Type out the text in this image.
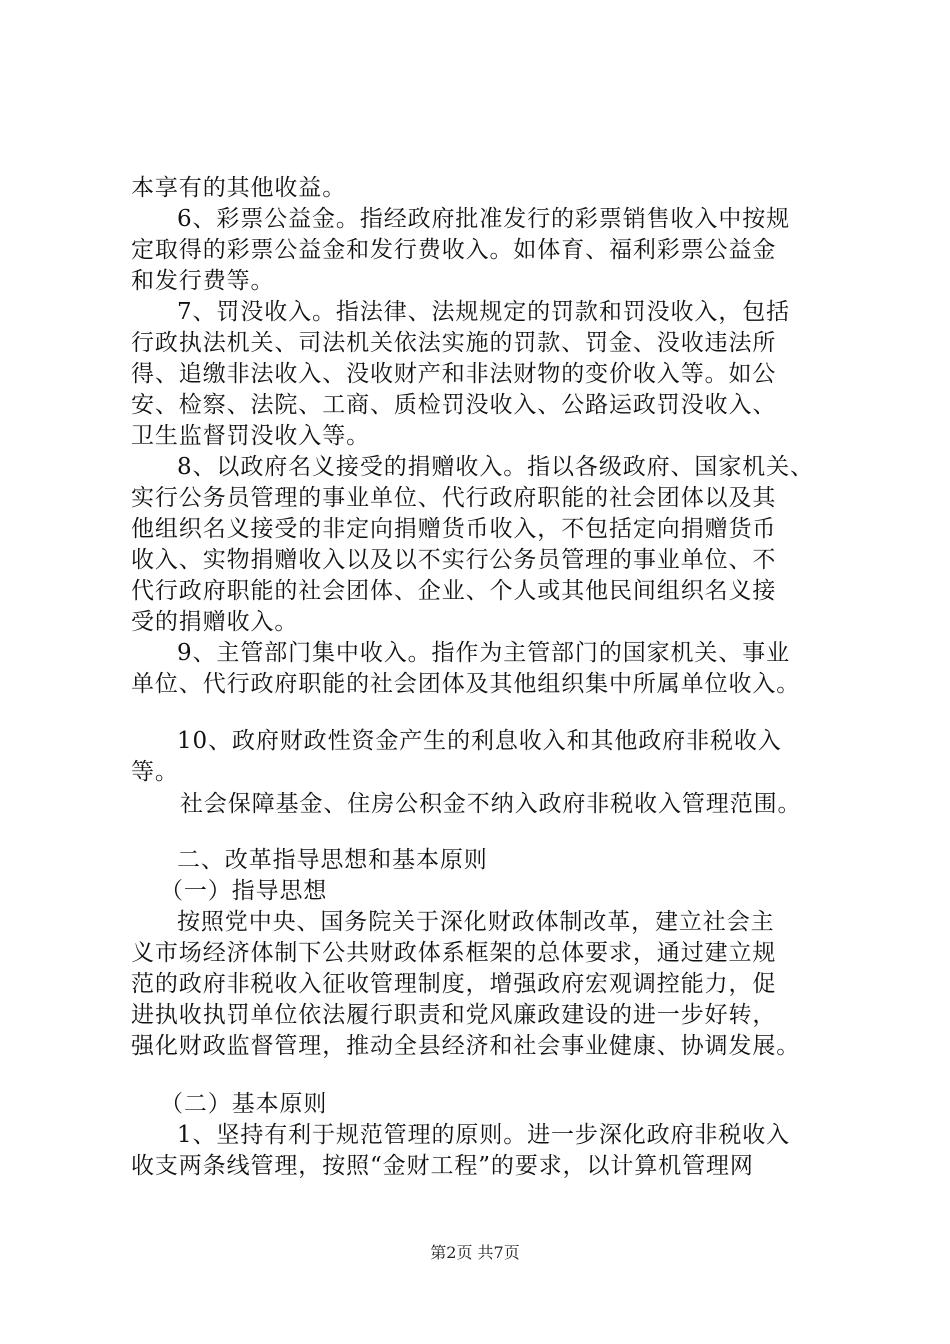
本享有的其他收益。
6、彩票公益金。指经政府批准发行的彩票销售收入中按规
定取得的彩票公益金和发行费收入。如体育、福利彩票公益金
和发行费等。
7、罚没收入。指法律、法规规定的罚款和罚没收入，包括
行政执法机关、司法机关依法实施的罚款、罚金、没收违法所
得、追缴非法收入、没收财产和非法财物的变价收入等。如公
安、检察、法院、工商、质检罚没收入、公路运政罚没收入、
卫生监督罚没收入等。
8、以政府名义接受的捐赠收入。指以各级政府、国家机关、
实行公务员管理的事业单位、代行政府职能的社会团体以及其
他组织名义接受的非定向捐赠货币收入，不包括定向捐赠货币
收入、实物捐赠收入以及以不实行公务员管理的事业单位、不
代行政府职能的社会团体、企业、个人或其他民间组织名义接
受的捐赠收入。
9、主管部门集中收入。指作为主管部门的国家机关、事业
单位、代行政府职能的社会团体及其他组织集中所属单位收入。
10、政府财政性资金产生的利息收入和其他政府非税收入
等。
社会保障基金、住房公积金不纳入政府非税收入管理范围。
二、改革指导思想和基本原则
（一）指导思想
按照党中央、国务院关于深化财政体制改革，建立社会主
义市场经济体制下公共财政体系框架的总体要求，通过建立规
范的政府非税收入征收管理制度，增强政府宏观调控能力，促
进执收执罚单位依法履行职责和党风廉政建设的进一步好转，
强化财政监督管理，推动全县经济和社会事业健康、协调发展。
（二）基本原则
1、坚持有利于规范管理的原则。进一步深化政府非税收入
收支两条线管理，按照“金财工程”的要求，以计算机管理网
第2页 共7页
